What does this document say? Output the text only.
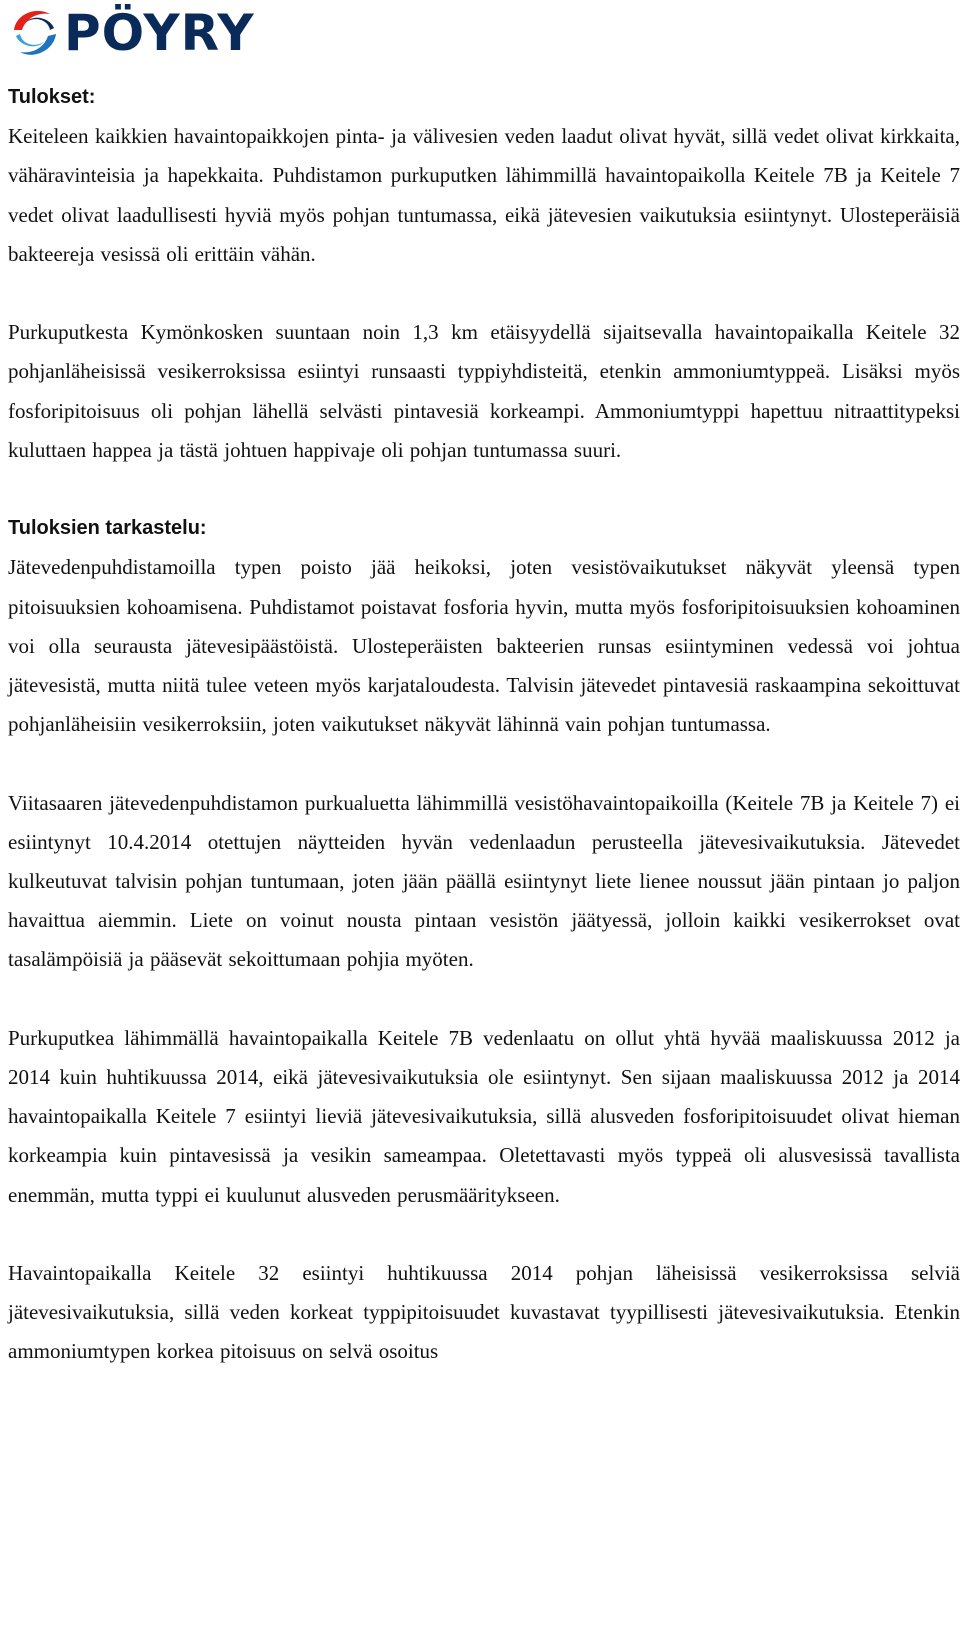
PÖYRY
Tulokset:

Keiteleen kaikkien havaintopaikkojen pinta- ja välivesien veden laadut olivat hyvät, sillä vedet olivat kirkkaita, vähäravinteisia ja hapekkaita. Puhdistamon purkuputken lähimmillä havaintopaikolla Keitele 7B ja Keitele 7 vedet olivat laadullisesti hyviä myös pohjan tuntumassa, eikä jätevesien vaikutuksia esiintynyt. Ulosteperäisiä bakteereja vesissä oli erittäin vähän.

Purkuputkesta Kymönkosken suuntaan noin 1,3 km etäisyydellä sijaitsevalla havaintopaikalla Keitele 32 pohjanläheisissä vesikerroksissa esiintyi runsaasti typpiyhdisteitä, etenkin ammoniumtyppeä. Lisäksi myös fosforipitoisuus oli pohjan lähellä selvästi pintavesiä korkeampi. Ammoniumtyppi hapettuu nitraattitypeksi kuluttaen happea ja tästä johtuen happivaje oli pohjan tuntumassa suuri.

Tuloksien tarkastelu:

Jätevedenpuhdistamoilla typen poisto jää heikoksi, joten vesistövaikutukset näkyvät yleensä typen pitoisuuksien kohoamisena. Puhdistamot poistavat fosforia hyvin, mutta myös fosforipitoisuuksien kohoaminen voi olla seurausta jätevesipäästöistä. Ulosteperäisten bakteerien runsas esiintyminen vedessä voi johtua jätevesistä, mutta niitä tulee veteen myös karjataloudesta. Talvisin jätevedet pintavesiä raskaampina sekoittuvat pohjanläheisiin vesikerroksiin, joten vaikutukset näkyvät lähinnä vain pohjan tuntumassa.

Viitasaaren jätevedenpuhdistamon purkualuetta lähimmillä vesistöhavaintopaikoilla (Keitele 7B ja Keitele 7) ei esiintynyt 10.4.2014 otettujen näytteiden hyvän vedenlaadun perusteella jätevesivaikutuksia. Jätevedet kulkeutuvat talvisin pohjan tuntumaan, joten jään päällä esiintynyt liete lienee noussut jään pintaan jo paljon havaittua aiemmin. Liete on voinut nousta pintaan vesistön jäätyessä, jolloin kaikki vesikerrokset ovat tasalämpöisiä ja pääsevät sekoittumaan pohjia myöten.

Purkuputkea lähimmällä havaintopaikalla Keitele 7B vedenlaatu on ollut yhtä hyvää maaliskuussa 2012 ja 2014 kuin huhtikuussa 2014, eikä jätevesivaikutuksia ole esiintynyt. Sen sijaan maaliskuussa 2012 ja 2014 havaintopaikalla Keitele 7 esiintyi lieviä jätevesivaikutuksia, sillä alusveden fosforipitoisuudet olivat hieman korkeampia kuin pintavesissä ja vesikin sameampaa. Oletettavasti myös typpeä oli alusvesissä tavallista enemmän, mutta typpi ei kuulunut alusveden perusmääritykseen.

Havaintopaikalla Keitele 32 esiintyi huhtikuussa 2014 pohjan läheisissä vesikerroksissa selviä jätevesivaikutuksia, sillä veden korkeat typpipitoisuudet kuvastavat tyypillisesti jätevesivaikutuksia. Etenkin ammoniumtypen korkea pitoisuus on selvä osoitus
